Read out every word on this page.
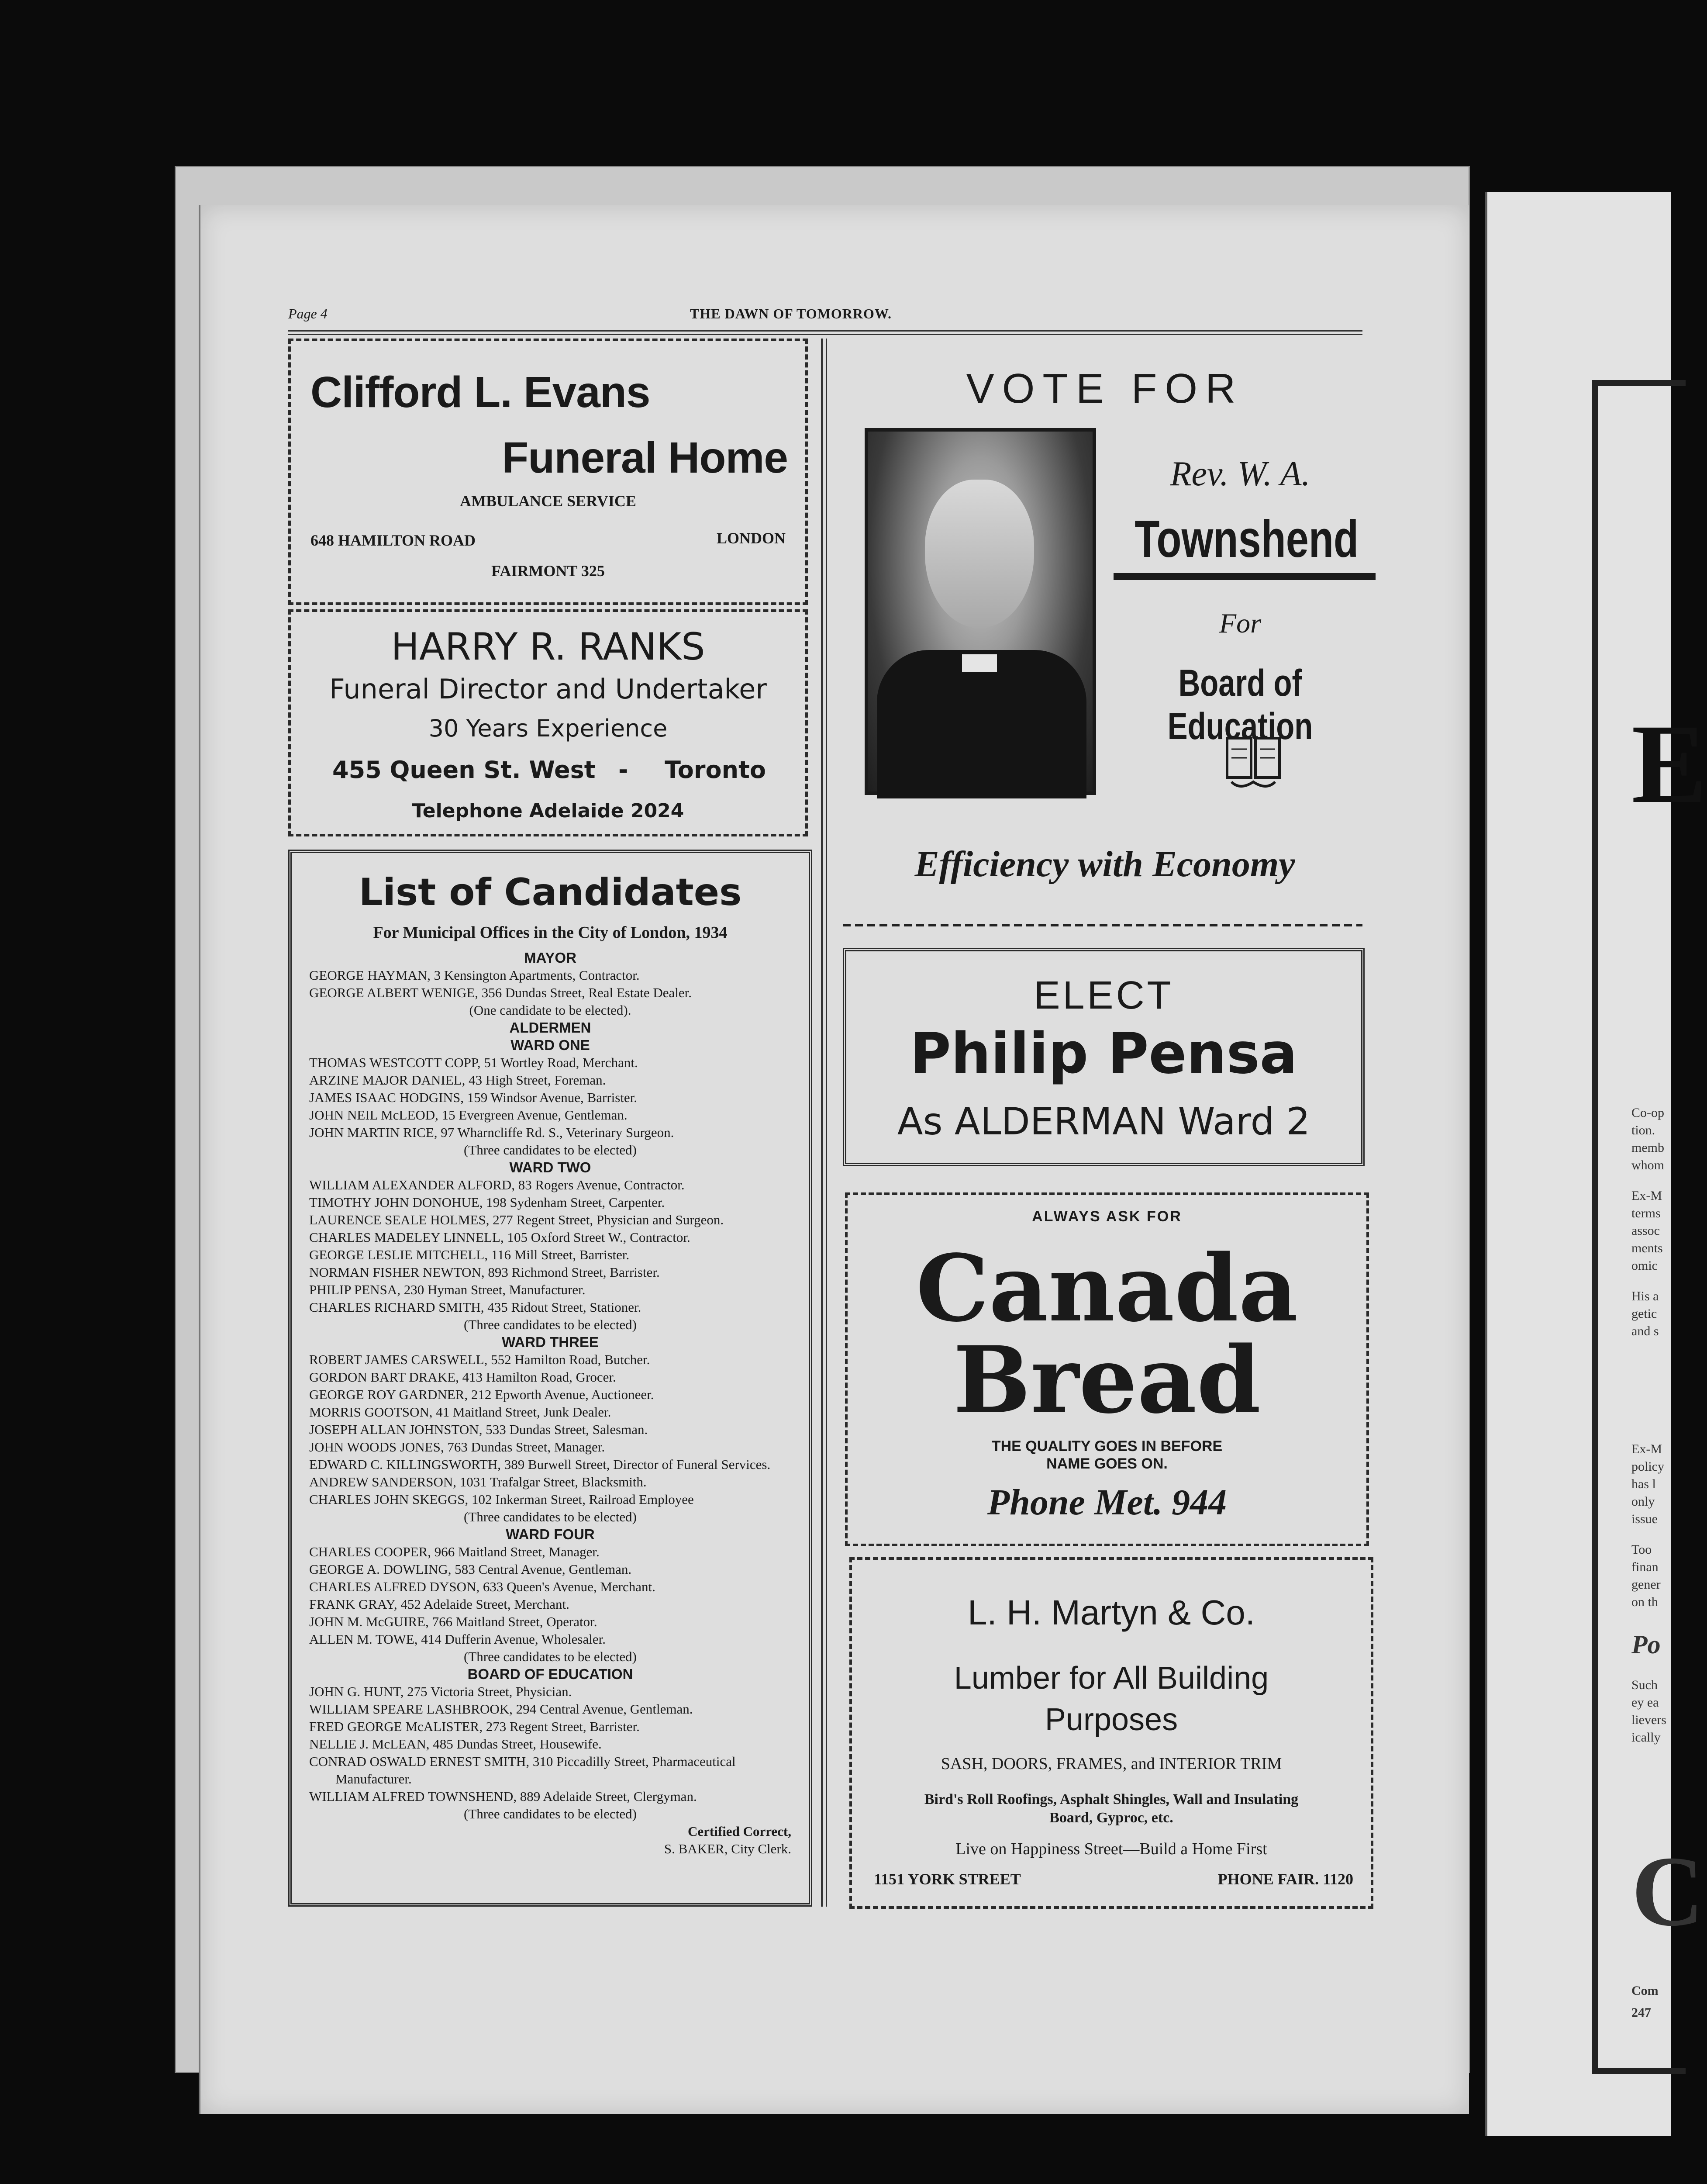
E
Co-op
tion.
memb
whom
Ex-M
terms
assoc
ments
omic
His a
getic
and s
Ex-M
policy
has l
only
issue
Too
finan
gener
on th
Po
Such
ey ea
lievers
ically
C
Com
247
Page 4	THE DAWN OF TOMORROW.
Clifford L. Evans
Funeral Home
AMBULANCE SERVICE
648 HAMILTON ROAD	LONDON
FAIRMONT 325
HARRY R. RANKS
Funeral Director and Undertaker
30 Years Experience
455 Queen St. West - Toronto
Telephone Adelaide 2024
List of Candidates
For Municipal Offices in the City of London, 1934
MAYOR
GEORGE HAYMAN, 3 Kensington Apartments, Contractor.
GEORGE ALBERT WENIGE, 356 Dundas Street, Real Estate Dealer.
(One candidate to be elected).
ALDERMEN
WARD ONE
THOMAS WESTCOTT COPP, 51 Wortley Road, Merchant.
ARZINE MAJOR DANIEL, 43 High Street, Foreman.
JAMES ISAAC HODGINS, 159 Windsor Avenue, Barrister.
JOHN NEIL McLEOD, 15 Evergreen Avenue, Gentleman.
JOHN MARTIN RICE, 97 Wharncliffe Rd. S., Veterinary Surgeon.
(Three candidates to be elected)
WARD TWO
WILLIAM ALEXANDER ALFORD, 83 Rogers Avenue, Contractor.
TIMOTHY JOHN DONOHUE, 198 Sydenham Street, Carpenter.
LAURENCE SEALE HOLMES, 277 Regent Street, Physician and Surgeon.
CHARLES MADELEY LINNELL, 105 Oxford Street W., Contractor.
GEORGE LESLIE MITCHELL, 116 Mill Street, Barrister.
NORMAN FISHER NEWTON, 893 Richmond Street, Barrister.
PHILIP PENSA, 230 Hyman Street, Manufacturer.
CHARLES RICHARD SMITH, 435 Ridout Street, Stationer.
(Three candidates to be elected)
WARD THREE
ROBERT JAMES CARSWELL, 552 Hamilton Road, Butcher.
GORDON BART DRAKE, 413 Hamilton Road, Grocer.
GEORGE ROY GARDNER, 212 Epworth Avenue, Auctioneer.
MORRIS GOOTSON, 41 Maitland Street, Junk Dealer.
JOSEPH ALLAN JOHNSTON, 533 Dundas Street, Salesman.
JOHN WOODS JONES, 763 Dundas Street, Manager.
EDWARD C. KILLINGSWORTH, 389 Burwell Street, Director of Funeral Services.
ANDREW SANDERSON, 1031 Trafalgar Street, Blacksmith.
CHARLES JOHN SKEGGS, 102 Inkerman Street, Railroad Employee
(Three candidates to be elected)
WARD FOUR
CHARLES COOPER, 966 Maitland Street, Manager.
GEORGE A. DOWLING, 583 Central Avenue, Gentleman.
CHARLES ALFRED DYSON, 633 Queen's Avenue, Merchant.
FRANK GRAY, 452 Adelaide Street, Merchant.
JOHN M. McGUIRE, 766 Maitland Street, Operator.
ALLEN M. TOWE, 414 Dufferin Avenue, Wholesaler.
(Three candidates to be elected)
BOARD OF EDUCATION
JOHN G. HUNT, 275 Victoria Street, Physician.
WILLIAM SPEARE LASHBROOK, 294 Central Avenue, Gentleman.
FRED GEORGE McALISTER, 273 Regent Street, Barrister.
NELLIE J. McLEAN, 485 Dundas Street, Housewife.
CONRAD OSWALD ERNEST SMITH, 310 Piccadilly Street, Pharmaceutical Manufacturer.
WILLIAM ALFRED TOWNSHEND, 889 Adelaide Street, Clergyman.
(Three candidates to be elected)
Certified Correct,
S. BAKER, City Clerk.
VOTE FOR
Rev. W. A.
Townshend
For
Board of Education
Efficiency with Economy
ELECT
Philip Pensa
As ALDERMAN Ward 2
ALWAYS ASK FOR
Canada
Bread
THE QUALITY GOES IN BEFORE
NAME GOES ON.
Phone Met. 944
L. H. Martyn & Co.
Lumber for All Building
Purposes
SASH, DOORS, FRAMES, and INTERIOR TRIM
Bird's Roll Roofings, Asphalt Shingles, Wall and Insulating
Board, Gyproc, etc.
Live on Happiness Street—Build a Home First
1151 YORK STREET	PHONE FAIR. 1120
